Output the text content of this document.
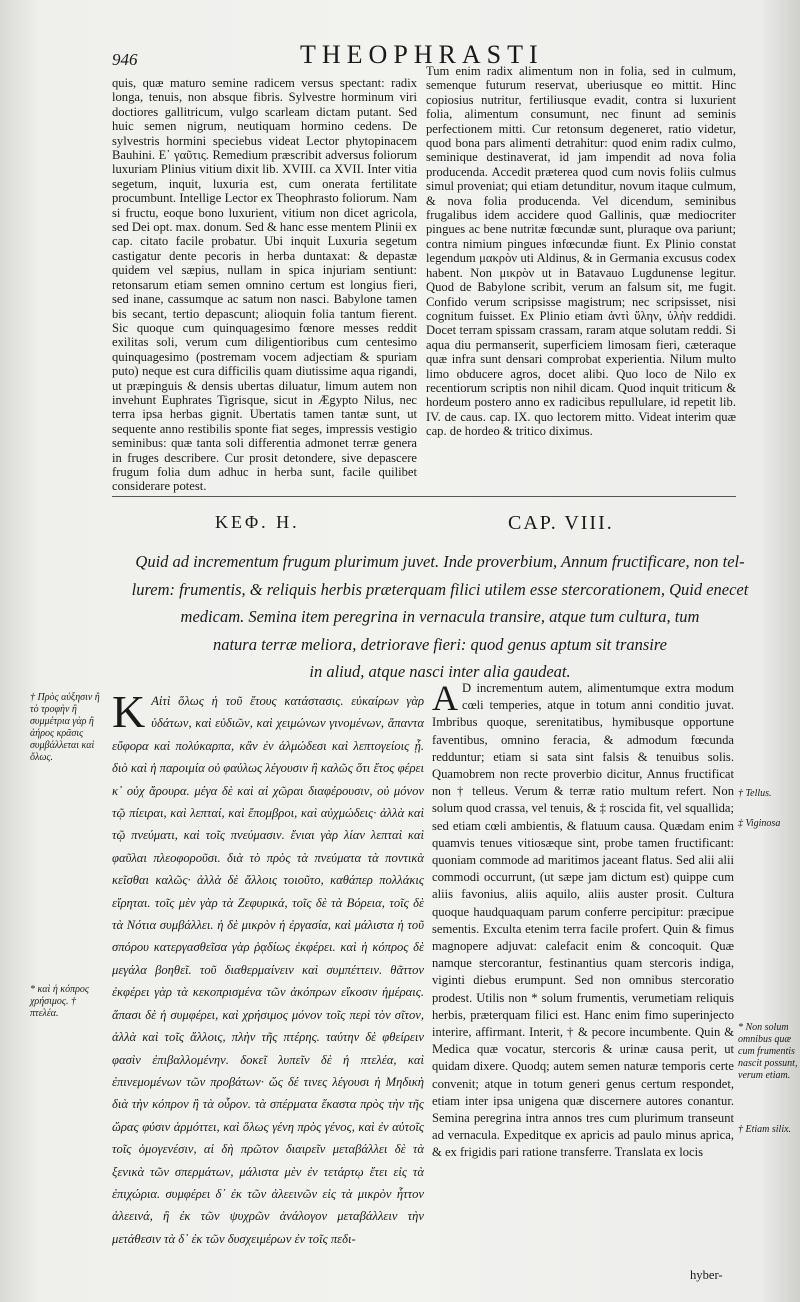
946	THEOPHRASTI

quis, quæ maturo semine radicem versus spectant: radix longa, tenuis, non absque fibris. Sylvestre horminum viri doctiores gallitricum, vulgo scarleam dictam putant. Sed huic semen nigrum, neutiquam hormino cedens. De sylvestris hormini speciebus videat Lector phytopinacem Bauhini. Ε᾽ γαῦτις. Remedium præscribit adversus foliorum luxuriam Plinius vitium dixit lib. XVIII. ca XVII. Inter vitia segetum, inquit, luxuria est, cum onerata fertilitate procumbunt. Intellige Lector ex Theophrasto foliorum. Nam si fructu, eoque bono luxurient, vitium non dicet agricola, sed Dei opt. max. donum. Sed & hanc esse mentem Plinii ex cap. citato facile probatur. Ubi inquit Luxuria segetum castigatur dente pecoris in herba duntaxat: & depastæ quidem vel sæpius, nullam in spica injuriam sentiunt: retonsarum etiam semen omnino certum est longius fieri, sed inane, cassumque ac satum non nasci. Babylone tamen bis secant, tertio depascunt; alioquin folia tantum fierent. Sic quoque cum quinquagesimo fœnore messes reddit exilitas soli, verum cum diligentioribus cum centesimo quinquagesimo (postremam vocem adjectiam & spuriam puto) neque est cura difficilis quam diutissime aqua rigandi, ut præpinguis & densis ubertas diluatur, limum autem non invehunt Euphrates Tigrisque, sicut in Ægypto Nilus, nec terra ipsa herbas gignit. Ubertatis tamen tantæ sunt, ut sequente anno restibilis sponte fiat seges, impressis vestigio seminibus: quæ tanta soli differentia admonet terræ genera in fruges describere. Cur prosit detondere, sive depascere frugum folia dum adhuc in herba sunt, facile quilibet considerare potest.

Tum enim radix alimentum non in folia, sed in culmum, semenque futurum reservat, uberiusque eo mittit. Hinc copiosius nutritur, fertiliusque evadit, contra si luxurient folia, alimentum consumunt, nec finunt ad seminis perfectionem mitti. Cur retonsum degeneret, ratio videtur, quod bona pars alimenti detrahitur: quod enim radix culmo, seminique destinaverat, id jam impendit ad nova folia producenda. Accedit præterea quod cum novis foliis culmus simul proveniat; qui etiam detunditur, novum itaque culmum, & nova folia producenda. Vel dicendum, seminibus frugalibus idem accidere quod Gallinis, quæ mediocriter pingues ac bene nutritæ fœcundæ sunt, pluraque ova pariunt; contra nimium pingues infœcundæ fiunt. Ex Plinio constat legendum μακρὸν uti Aldinus, & in Germania excusus codex habent. Non μικρὸν ut in Batavauo Lugdunense legitur. Quod de Babylone scribit, verum an falsum sit, me fugit. Confido verum scripsisse magistrum; nec scripsisset, nisi cognitum fuisset. Ex Plinio etiam ἀντὶ ὕλην, ὑλὴν reddidi. Docet terram spissam crassam, raram atque solutam reddi. Si aqua diu permanserit, superficiem limosam fieri, cæteraque quæ infra sunt densari comprobat experientia. Nilum multo limo obducere agros, docet alibi. Quo loco de Nilo ex recentiorum scriptis non nihil dicam. Quod inquit triticum & hordeum postero anno ex radicibus repullulare, id repetit lib. IV. de caus. cap. IX. quo lectorem mitto. Videat interim quæ cap. de hordeo & tritico diximus.

ΚΕΦ. Η.	CAP. VIII.

Quid ad incrementum frugum plurimum juvet. Inde proverbium, Annum fructificare, non tel-

lurem: frumentis, & reliquis herbis præterquam filici utilem esse stercorationem, Quid enecet medicam. Semina item peregrina in vernacula transire, atque tum cultura, tum

natura terræ meliora, detriorave fieri: quod genus aptum sit transire

in aliud, atque nasci inter alia gaudeat.

† Πρὸς αὐξησιν ἢ τὸ τροφὴν ἢ συμμέτρια γὰρ ἢ ἀήρος κρᾶσις συμβάλλεται καὶ ὅλως.
* καὶ ἡ κόπρος χρήσιμος. † πτελέα.

K Αἰτὶ ὅλως ἡ τοῦ ἔτους κατάστασις. εὐκαίρων γὰρ ὑδάτων, καὶ εὐδιῶν, καὶ χειμώνων γινομένων, ἅπαντα εὔφορα καὶ πολύκαρπα, κἂν ἐν ἁλμώδεσι καὶ λεπτογείοις ᾖ. διὸ καὶ ἡ παροιμία οὐ φαύλως λέγουσιν ἢ καλῶς ὅτι ἔτος φέρει κ᾽ οὐχ ἄρουρα. μέγα δὲ καὶ αἱ χῶραι διαφέρουσιν, οὐ μόνον τῷ πίειραι, καὶ λεπταί, καὶ ἔπομβροι, καὶ αὐχμώδεις· ἀλλὰ καὶ τῷ πνεύματι, καὶ τοῖς πνεύμασιν. ἔνιαι γὰρ λίαν λεπταὶ καὶ φαῦλαι πλεοφοροῦσι. διὰ τὸ πρὸς τὰ πνεύματα τὰ ποντικὰ κεῖσθαι καλῶς· ἀλλὰ δὲ ἄλλοις τοιοῦτο, καθάπερ πολλάκις εἴρηται. τοῖς μὲν γὰρ τὰ Ζεφυρικά, τοῖς δὲ τὰ Βόρεια, τοῖς δὲ τὰ Νότια συμβάλλει. ἡ δὲ μικρὸν ἡ ἐργασία, καὶ μάλιστα ἡ τοῦ σπόρου κατεργασθεῖσα γὰρ ῥᾳδίως ἐκφέρει. καὶ ἡ κόπρος δὲ μεγάλα βοηθεῖ. τοῦ διαθερμαίνειν καὶ συμπέττειν. θᾶττον ἐκφέρει γὰρ τὰ κεκοπρισμένα τῶν ἀκόπρων εἴκοσιν ἡμέραις. ἅπασι δὲ ἡ συμφέρει, καὶ χρήσιμος μόνον τοῖς περὶ τὸν σῖτον, ἀλλὰ καὶ τοῖς ἄλλοις, πλὴν τῆς πτέρης. ταύτην δὲ φθείρειν φασὶν ἐπιβαλλομένην. δοκεῖ λυπεῖν δὲ ἡ πτελέα, καὶ ἐπινεμομένων τῶν προβάτων· ὥς δέ τινες λέγουσι ἡ Μηδικὴ διὰ τὴν κόπρον ἢ τὰ οὖρον. τὰ σπέρματα ἕκαστα πρὸς τὴν τῆς ὥρας φύσιν ἁρμόττει, καὶ ὅλως γένη πρὸς γένος, καὶ ἐν αὐτοῖς τοῖς ὁμογενέσιν, αἱ δὴ πρῶτον διαιρεῖν μεταβάλλει δὲ τὰ ξενικὰ τῶν σπερμάτων, μάλιστα μὲν ἐν τετάρτῳ ἔτει εἰς τὰ ἐπιχώρια. συμφέρει δ᾽ ἐκ τῶν ἀλεεινῶν εἰς τὰ μικρὸν ἧττον ἀλεεινά, ἢ ἐκ τῶν ψυχρῶν ἀνάλογον μεταβάλλειν τὴν μετάθεσιν τὰ δ᾽ ἐκ τῶν δυσχειμέρων ἐν τοῖς πεδι-

A D incrementum autem, alimentumque extra modum cœli temperies, atque in totum anni conditio juvat. Imbribus quoque, serenitatibus, hymibusque opportune faventibus, omnino feracia, & admodum fœcunda redduntur; etiam si sata sint falsis & tenuibus solis. Quamobrem non recte proverbio dicitur, Annus fructificat non † telleus. Verum & terræ ratio multum refert. Non solum quod crassa, vel tenuis, & ‡ roscida fit, vel squallida; sed etiam cœli ambientis, & flatuum causa. Quædam enim quamvis tenues vitiosæque sint, probe tamen fructificant: quoniam commode ad maritimos jaceant flatus. Sed alii alii commodi occurrunt, (ut sæpe jam dictum est) quippe cum aliis favonius, aliis aquilo, aliis auster prosit. Cultura quoque haudquaquam parum conferre percipitur: præcipue sementis. Exculta etenim terra facile profert. Quin & fimus magnopere adjuvat: calefacit enim & concoquit. Quæ namque stercorantur, festinantius quam stercoris indiga, viginti diebus erumpunt. Sed non omnibus stercoratio prodest. Utilis non * solum frumentis, verumetiam reliquis herbis, præterquam filici est. Hanc enim fimo superinjecto interire, affirmant. Interit, † & pecore incumbente. Quin & Medica quæ vocatur, stercoris & urinæ causa perit, ut quidam dixere. Quodq; autem semen naturæ temporis certe convenit; atque in totum generi genus certum respondet, etiam inter ipsa unigena quæ discernere autores conantur. Semina peregrina intra annos tres cum plurimum transeunt ad vernacula. Expeditque ex apricis ad paulo minus aprica, & ex frigidis pari ratione transferre. Translata ex locis

† Tellus.
‡ Viginosa
* Non solum omnibus quæ cum frumentis nascit possunt, verum etiam.
† Etiam silix.
hyber-
